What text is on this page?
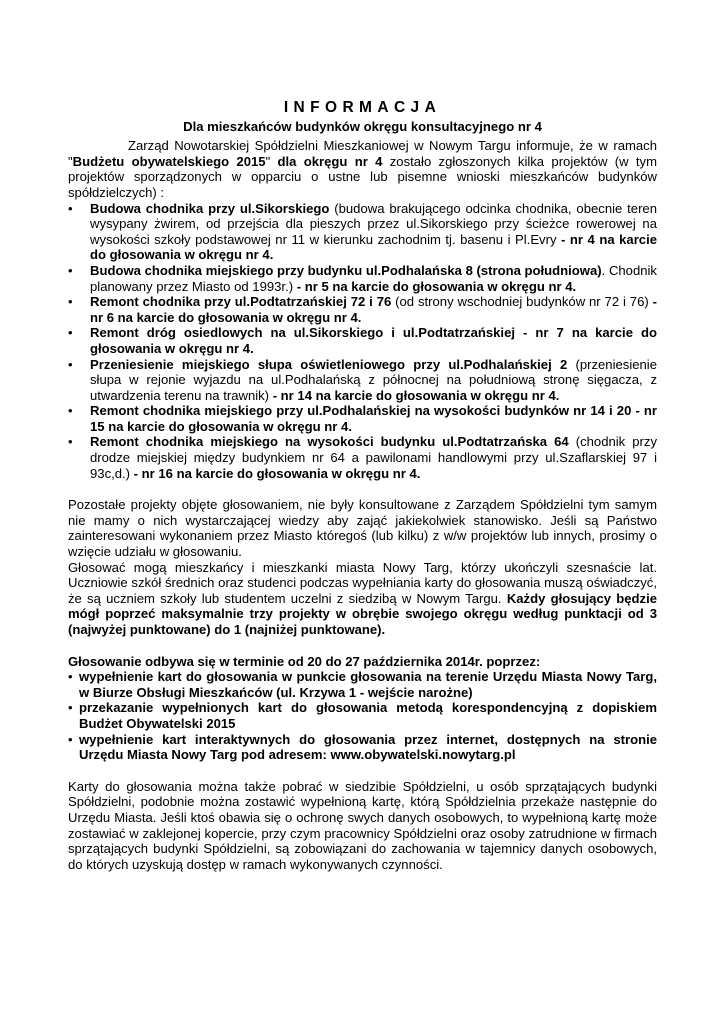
INFORMACJA
Dla mieszkańców budynków okręgu konsultacyjnego nr 4
Zarząd Nowotarskiej Spółdzielni Mieszkaniowej w Nowym Targu informuje, że w ramach "Budżetu obywatelskiego 2015" dla okręgu nr 4 zostało zgłoszonych kilka projektów (w tym projektów sporządzonych w opparciu o ustne lub pisemne wnioski mieszkańców budynków spółdzielczych) :
•	Budowa chodnika przy ul.Sikorskiego (budowa brakującego odcinka chodnika, obecnie teren wysypany żwirem, od przejścia dla pieszych przez ul.Sikorskiego przy ścieżce rowerowej na wysokości szkoły podstawowej nr 11 w kierunku zachodnim tj. basenu i Pl.Evry - nr 4 na karcie do głosowania w okręgu nr 4.
•	Budowa chodnika miejskiego przy budynku ul.Podhalańska 8 (strona południowa). Chodnik planowany przez Miasto od 1993r.) - nr 5 na karcie do głosowania w okręgu nr 4.
•	Remont chodnika przy ul.Podtatrzańskiej 72 i 76 (od strony wschodniej budynków nr 72 i 76) - nr 6 na karcie do głosowania w okręgu nr 4.
•	Remont dróg osiedlowych na ul.Sikorskiego i ul.Podtatrzańskiej - nr 7 na karcie do głosowania w okręgu nr 4.
•	Przeniesienie miejskiego słupa oświetleniowego przy ul.Podhalańskiej 2 (przeniesienie słupa w rejonie wyjazdu na ul.Podhalańską z północnej na południową stronę sięgacza, z utwardzenia terenu na trawnik) - nr 14 na karcie do głosowania w okręgu nr 4.
•	Remont chodnika miejskiego przy ul.Podhalańskiej na wysokości budynków nr 14 i 20 - nr 15 na karcie do głosowania w okręgu nr 4.
•	Remont chodnika miejskiego na wysokości budynku ul.Podtatrzańska 64 (chodnik przy drodze miejskiej między budynkiem nr 64 a pawilonami handlowymi przy ul.Szaflarskiej 97 i 93c,d.) - nr 16 na karcie do głosowania w okręgu nr 4.
Pozostałe projekty objęte głosowaniem, nie były konsultowane z Zarządem Spółdzielni tym samym nie mamy o nich wystarczającej wiedzy aby zająć jakiekolwiek stanowisko. Jeśli są Państwo zainteresowani wykonaniem przez Miasto któregoś (lub kilku) z w/w projektów lub innych, prosimy o wzięcie udziału w głosowaniu.
Głosować mogą mieszkańcy i mieszkanki miasta Nowy Targ, którzy ukończyli szesnaście lat. Uczniowie szkół średnich oraz studenci podczas wypełniania karty do głosowania muszą oświadczyć, że są uczniem szkoły lub studentem uczelni z siedzibą w Nowym Targu. Każdy głosujący będzie mógł poprzeć maksymalnie trzy projekty w obrębie swojego okręgu według punktacji od 3 (najwyżej punktowane) do 1 (najniżej punktowane).
Głosowanie odbywa się w terminie od 20 do 27 października 2014r. poprzez:
• wypełnienie kart do głosowania w punkcie głosowania na terenie Urzędu Miasta Nowy Targ, w Biurze Obsługi Mieszkańców (ul. Krzywa 1 - wejście narożne)
• przekazanie wypełnionych kart do głosowania metodą korespondencyjną z dopiskiem Budżet Obywatelski 2015
• wypełnienie kart interaktywnych do głosowania przez internet, dostępnych na stronie Urzędu Miasta Nowy Targ pod adresem: www.obywatelski.nowytarg.pl
Karty do głosowania można także pobrać w siedzibie Spółdzielni, u osób sprzątających budynki Spółdzielni, podobnie można zostawić wypełnioną kartę, którą Spółdzielnia przekaże następnie do Urzędu Miasta. Jeśli ktoś obawia się o ochronę swych danych osobowych, to wypełnioną kartę może zostawiać w zaklejonej kopercie, przy czym pracownicy Spółdzielni oraz osoby zatrudnione w firmach sprzątających budynki Spółdzielni, są zobowiązani do zachowania w tajemnicy danych osobowych, do których uzyskują dostęp w ramach wykonywanych czynności.
